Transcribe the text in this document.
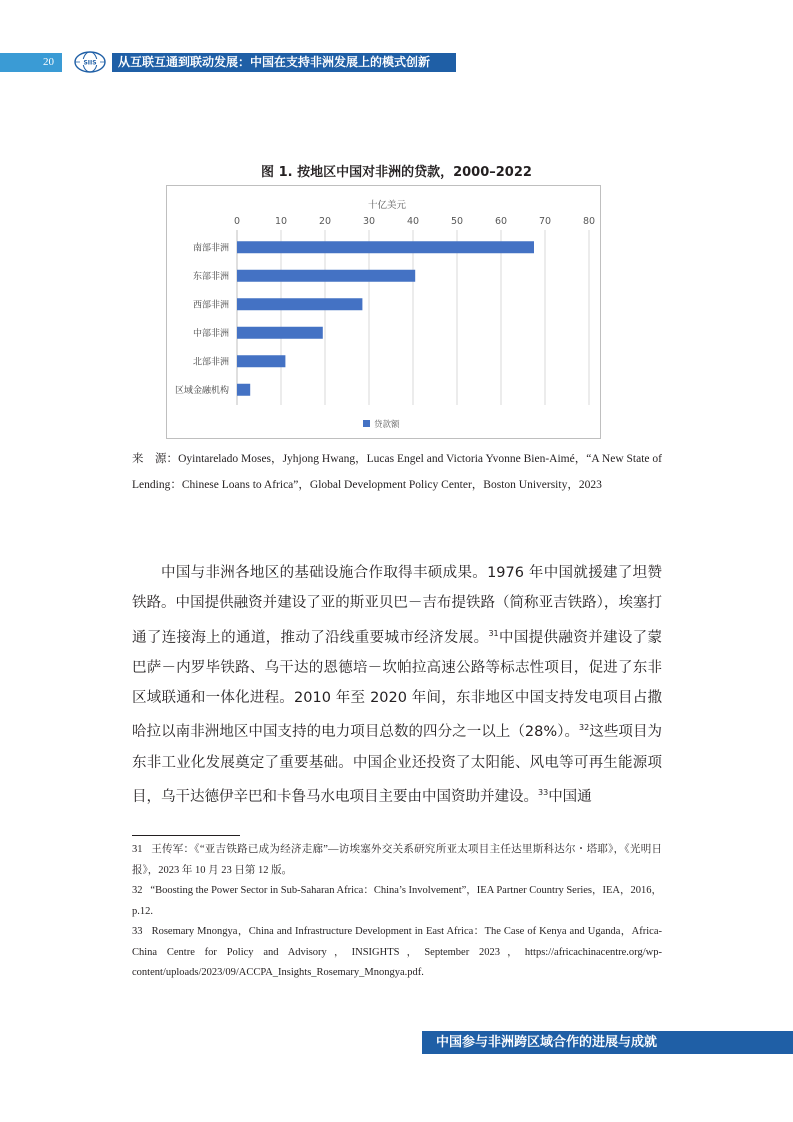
20	SIIS	从互联互通到联动发展：中国在支持非洲发展上的模式创新
图 1. 按地区中国对非洲的贷款，2000–2022
十亿美元
0	10	20	30	40	50	60	70	80
南部非洲
东部非洲
西部非洲
中部非洲
北部非洲
区域金融机构
贷款额
来　源：Oyintarelado Moses，Jyhjong Hwang，Lucas Engel and Victoria Yvonne Bien-Aimé，“A New State of Lending：Chinese Loans to Africa”，Global Development Policy Center，Boston University，2023
中国与非洲各地区的基础设施合作取得丰硕成果。1976 年中国就援建了坦赞铁路。中国提供融资并建设了亚的斯亚贝巴－吉布提铁路（简称亚吉铁路），埃塞打通了连接海上的通道，推动了沿线重要城市经济发展。$^{31}$中国提供融资并建设了蒙巴萨－内罗毕铁路、乌干达的恩德培－坎帕拉高速公路等标志性项目，促进了东非区域联通和一体化进程。2010 年至 2020 年间，东非地区中国支持发电项目占撒哈拉以南非洲地区中国支持的电力项目总数的四分之一以上（28%）。$^{32}$这些项目为东非工业化发展奠定了重要基础。中国企业还投资了太阳能、风电等可再生能源项目，乌干达德伊辛巴和卡鲁马水电项目主要由中国资助并建设。$^{33}$中国通

31 王传军：《“亚吉铁路已成为经济走廊”—访埃塞外交关系研究所亚太项目主任达里斯科达尔・塔耶》，《光明日报》，2023 年 10 月 23 日第 12 版。

32 “Boosting the Power Sector in Sub-Saharan Africa：China’s Involvement”，IEA Partner Country Series，IEA，2016，p.12.

33 Rosemary Mnongya，China and Infrastructure Development in East Africa：The Case of Kenya and Uganda，Africa-China Centre for Policy and Advisory，INSIGHTS，September 2023，https://africachinacentre.org/wp-content/uploads/2023/09/ACCPA_Insights_Rosemary_Mnongya.pdf.

中国参与非洲跨区域合作的进展与成就
